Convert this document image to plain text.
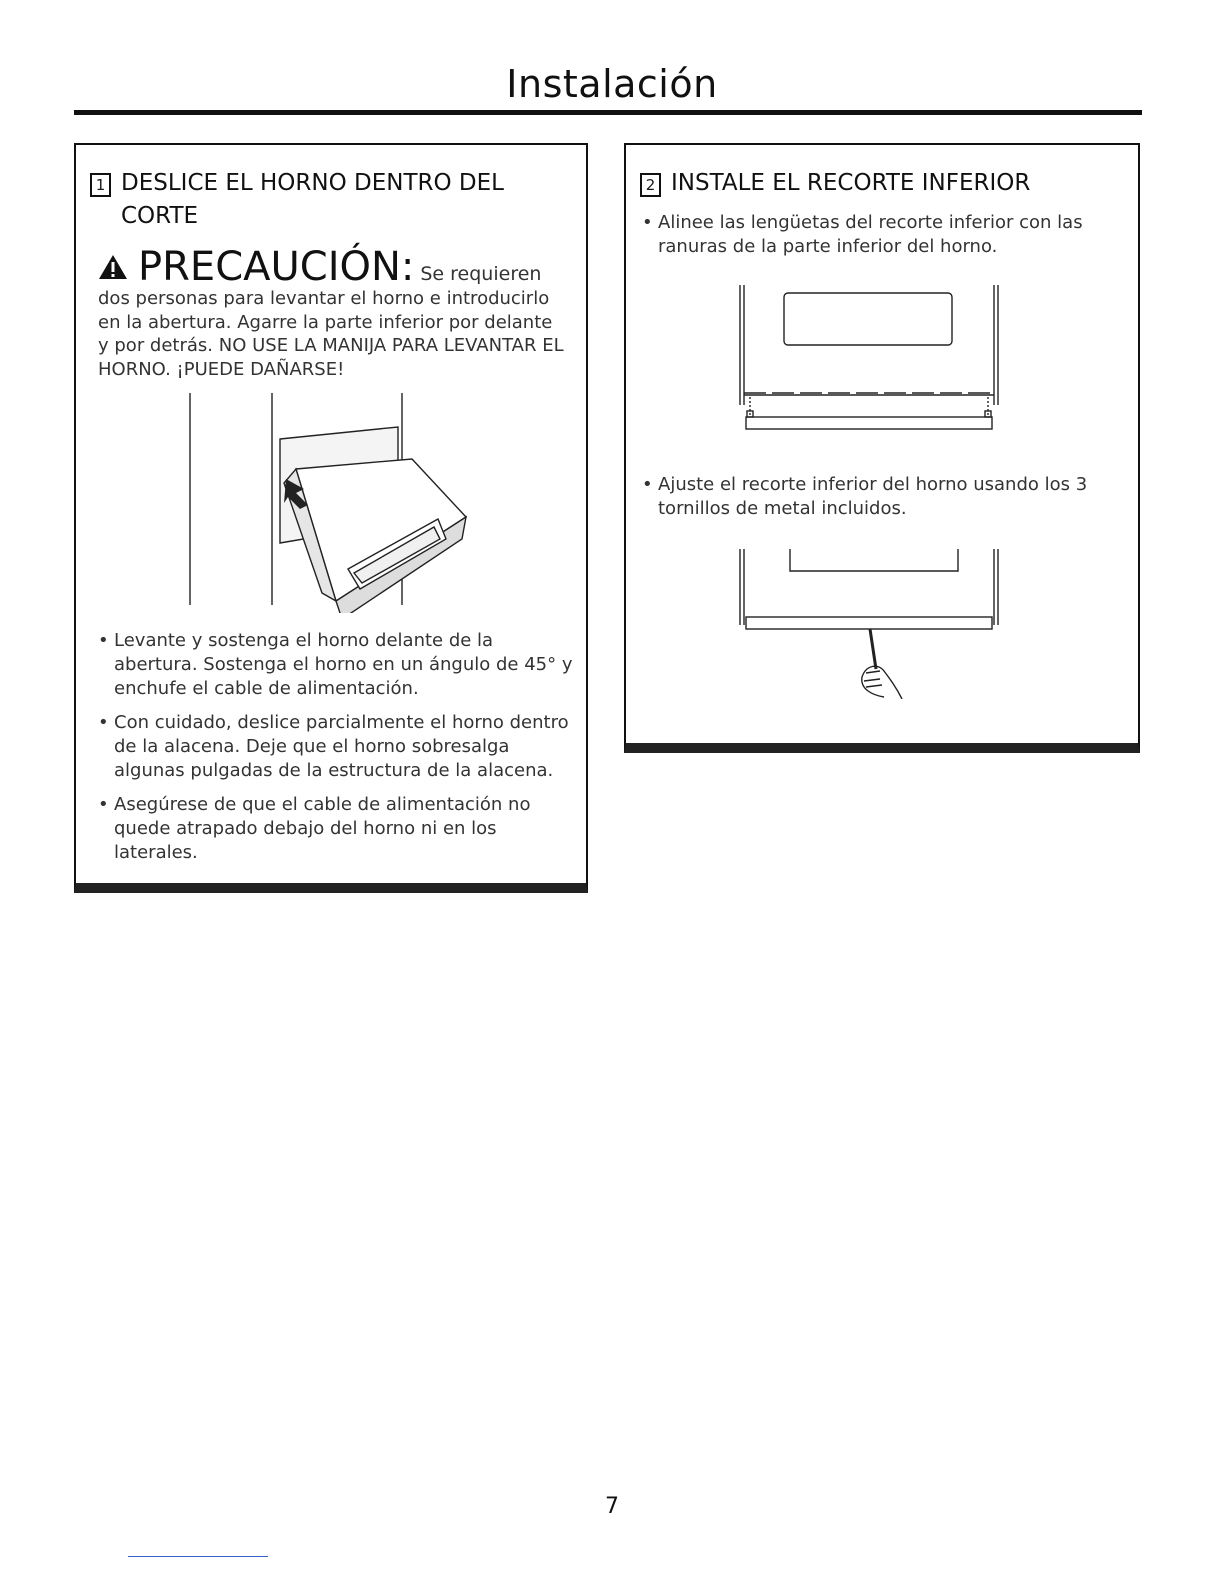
Instalación
1 DESLICE EL HORNO DENTRO DEL CORTE
PRECAUCIÓN: Se requieren
dos personas para levantar el horno e introducirlo en la abertura. Agarre la parte inferior por delante y por detrás. NO USE LA MANIJA PARA LEVANTAR EL HORNO. ¡PUEDE DAÑARSE!
• Levante y sostenga el horno delante de la abertura. Sostenga el horno en un ángulo de 45° y enchufe el cable de alimentación.
• Con cuidado, deslice parcialmente el horno dentro de la alacena. Deje que el horno sobresalga algunas pulgadas de la estructura de la alacena.
• Asegúrese de que el cable de alimentación no quede atrapado debajo del horno ni en los laterales.
2 INSTALE EL RECORTE INFERIOR
• Alinee las lengüetas del recorte inferior con las ranuras de la parte inferior del horno.
• Ajuste el recorte inferior del horno usando los 3 tornillos de metal incluidos.
7
